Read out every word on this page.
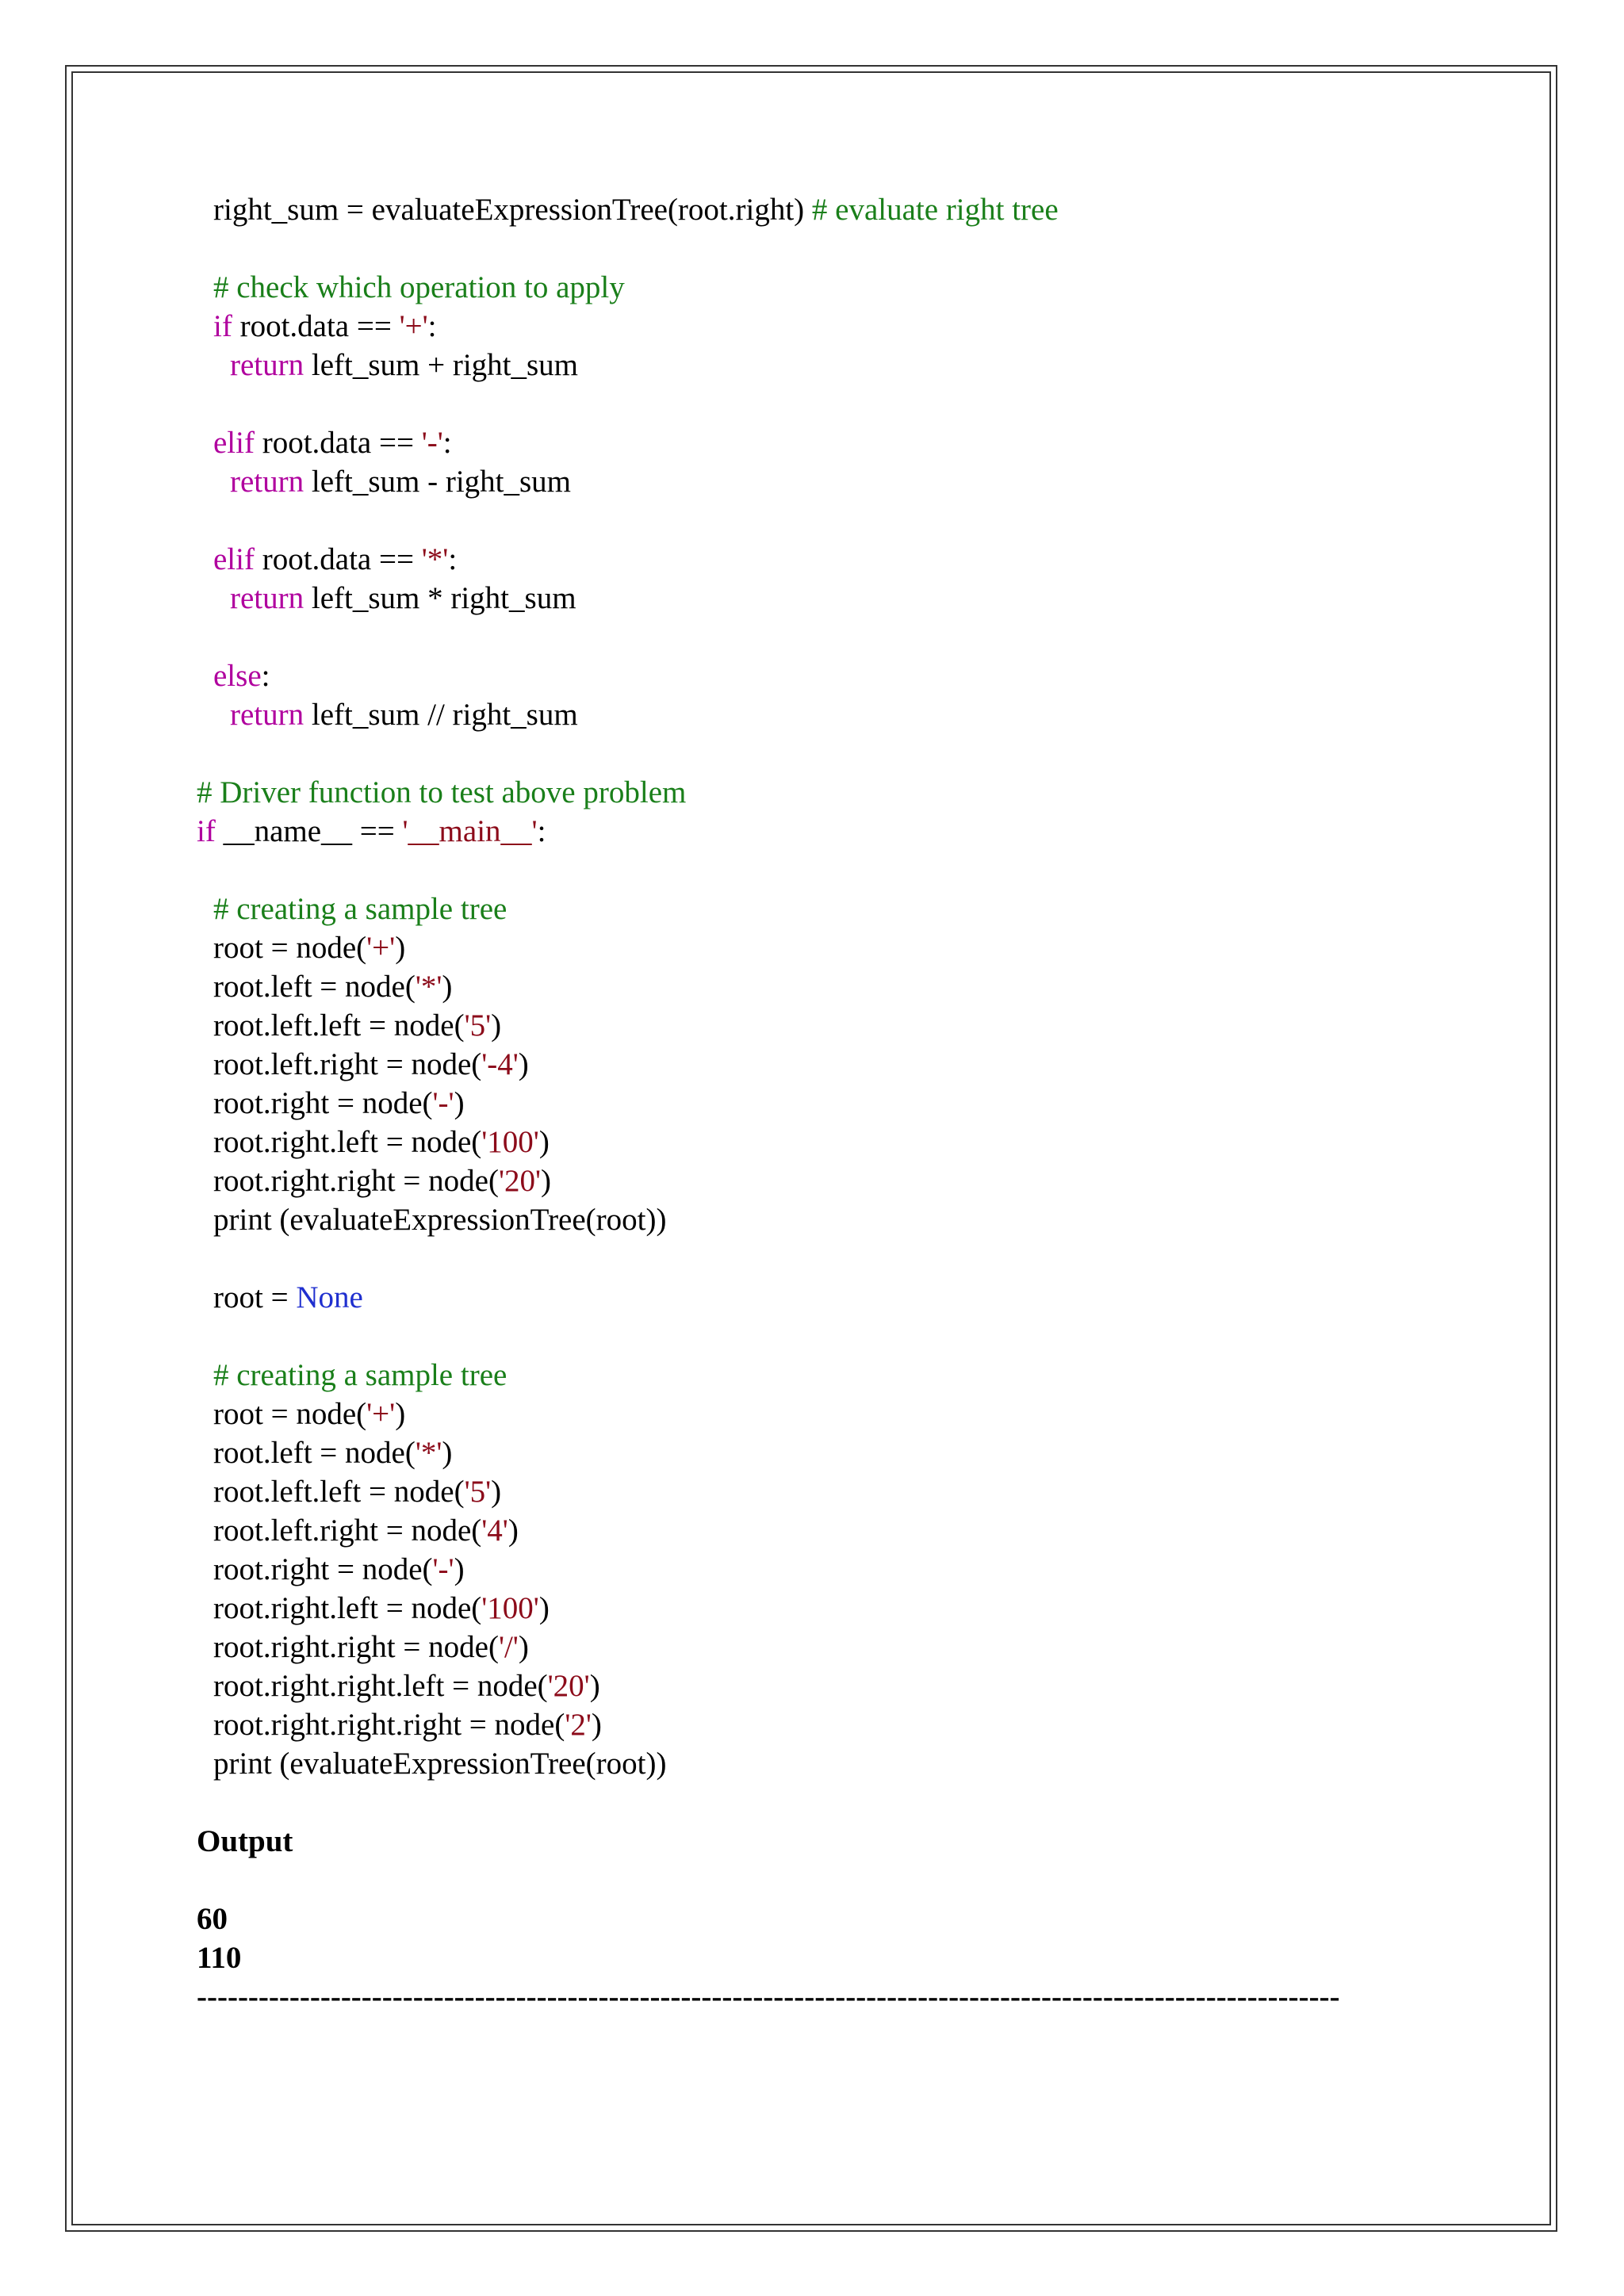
right_sum = evaluateExpressionTree(root.right) # evaluate right tree
# check which operation to apply
if root.data == '+':
return left_sum + right_sum
elif root.data == '-':
return left_sum - right_sum
elif root.data == '*':
return left_sum * right_sum
else:
return left_sum // right_sum
# Driver function to test above problem
if __name__ == '__main__':
# creating a sample tree
root = node('+')
root.left = node('*')
root.left.left = node('5')
root.left.right = node('-4')
root.right = node('-')
root.right.left = node('100')
root.right.right = node('20')
print (evaluateExpressionTree(root))
root = None
# creating a sample tree
root = node('+')
root.left = node('*')
root.left.left = node('5')
root.left.right = node('4')
root.right = node('-')
root.right.left = node('100')
root.right.right = node('/')
root.right.right.left = node('20')
root.right.right.right = node('2')
print (evaluateExpressionTree(root))
Output
60
110
---------------------------------------------------------------------------------------------------------------
